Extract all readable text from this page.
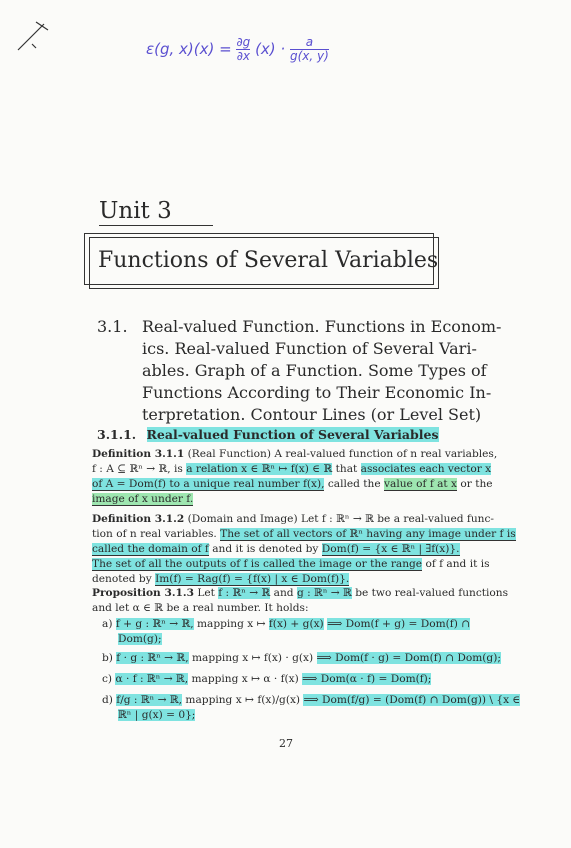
ε(g, $x)(x) = \frac{\partial g}{\partial x} (x) \cdot \frac{a}{g(x, y)}$
Unit 3
Functions of Several Variables
3.1. Real-valued Function. Functions in Econom-
ics. Real-valued Function of Several Vari-
ables. Graph of a Function. Some Types of
Functions According to Their Economic In-
terpretation. Contour Lines (or Level Set)
3.1.1. Real-valued Function of Several Variables
Definition 3.1.1 (Real Function) A real-valued function of n real variables,
f : A ⊆ ℝⁿ → ℝ, is a relation x ∈ ℝⁿ ↦ f(x) ∈ ℝ that associates each vector x
of A = Dom(f) to a unique real number f(x), called the value of f at x or the
image of x under f.
Definition 3.1.2 (Domain and Image) Let f : ℝⁿ → ℝ be a real-valued func-
tion of n real variables. The set of all vectors of ℝⁿ having any image under f is
called the domain of f and it is denoted by Dom(f) = {x ∈ ℝⁿ | ∃f(x)}.
The set of all the outputs of f is called the image or the range of f and it is
denoted by Im(f) = Rag(f) = {f(x) | x ∈ Dom(f)}.
Proposition 3.1.3 Let f : ℝⁿ → ℝ and g : ℝⁿ → ℝ be two real-valued functions
and let α ∈ ℝ be a real number. It holds:
a) f + g : ℝⁿ → ℝ, mapping x ↦ f(x) + g(x) ⟹ Dom(f + g) = Dom(f) ∩
Dom(g);
b) f · g : ℝⁿ → ℝ, mapping x ↦ f(x) · g(x) ⟹ Dom(f · g) = Dom(f) ∩ Dom(g);
c) α · f : ℝⁿ → ℝ, mapping x ↦ α · f(x) ⟹ Dom(α · f) = Dom(f);
d) f/g : ℝⁿ → ℝ, mapping x ↦ f(x)/g(x) ⟹ Dom(f/g) = (Dom(f) ∩ Dom(g)) \ {x ∈
ℝⁿ | g(x) = 0};
27
